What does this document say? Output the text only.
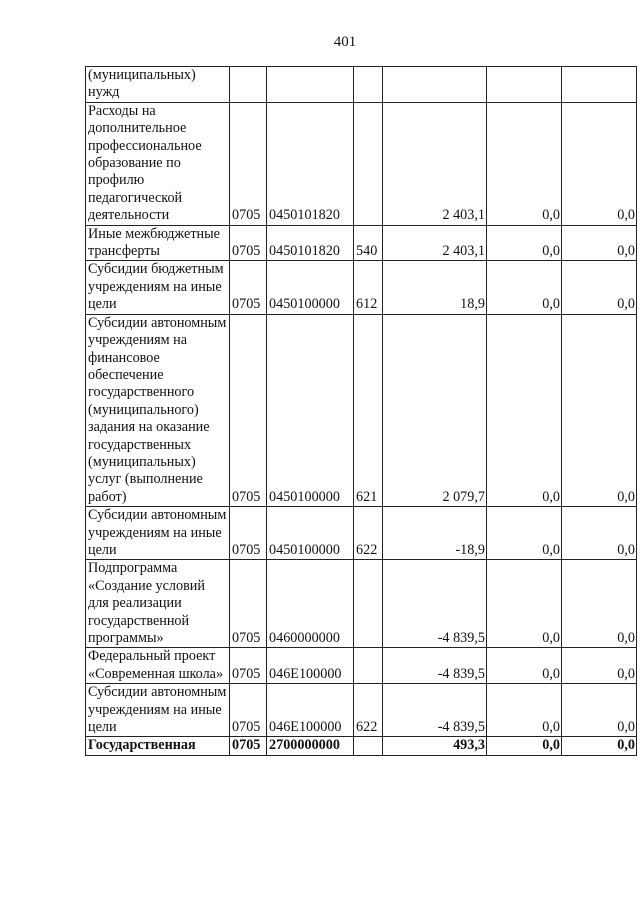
401
(муниципальных) нужд						
Расходы на дополнительное профессиональное образование по профилю педагогической деятельности	0705	0450101820		2 403,1	0,0	0,0
Иные межбюджетные трансферты	0705	0450101820	540	2 403,1	0,0	0,0
Субсидии бюджетным учреждениям на иные цели	0705	0450100000	612	18,9	0,0	0,0
Субсидии автономным учреждениям на финансовое обеспечение государственного (муниципального) задания на оказание государственных (муниципальных) услуг (выполнение работ)	0705	0450100000	621	2 079,7	0,0	0,0
Субсидии автономным учреждениям на иные цели	0705	0450100000	622	-18,9	0,0	0,0
Подпрограмма «Создание условий для реализации государственной программы»	0705	0460000000		-4 839,5	0,0	0,0
Федеральный проект «Современная школа»	0705	046E100000		-4 839,5	0,0	0,0
Субсидии автономным учреждениям на иные цели	0705	046E100000	622	-4 839,5	0,0	0,0
Государственная	0705	2700000000		493,3	0,0	0,0
